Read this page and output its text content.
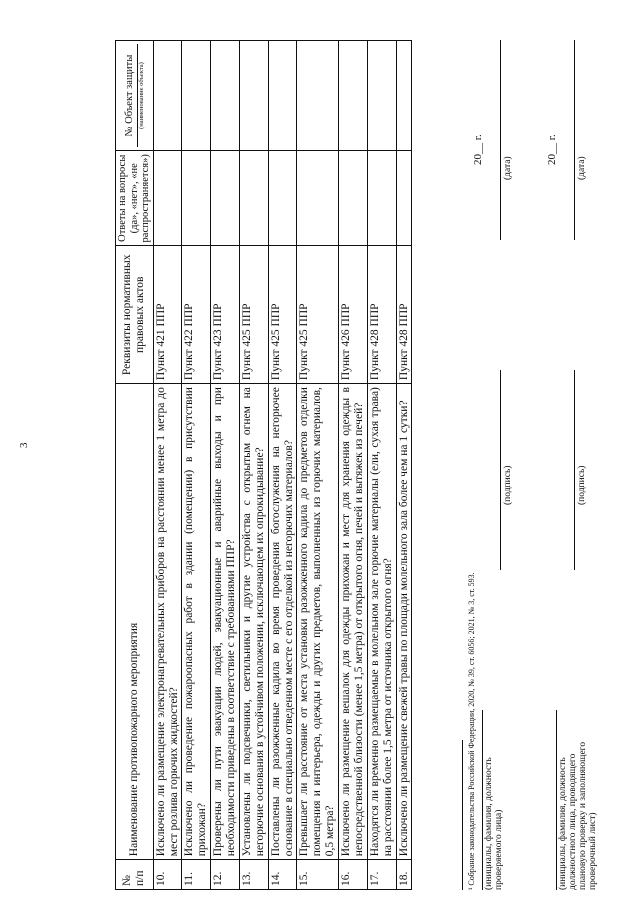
3
№ п/п	Наименование противопожарного мероприятия	Реквизиты нормативных правовых актов	Ответы на вопросы (да», «нет», «не распространяется»)	№ Объект защиты (наименование объекта)

10.	Исключено ли размещение электронагревательных приборов на расстоянии менее 1 метра до мест розлива горючих жидкостей?	Пункт 421 ППР		
11.	Исключено ли проведение пожароопасных работ в здании (помещении) в присутствии прихожан?	Пункт 422 ППР		
12.	Проверены ли пути эвакуации людей, эвакуационные и аварийные выходы и при необходимости приведены в соответствие с требованиями ППР?	Пункт 423 ППР		
13.	Установлены ли подсвечники, светильники и другие устройства с открытым огнем на негорючие основания в устойчивом положении, исключающем их опрокидывание?	Пункт 425 ППР		
14.	Поставлены ли разожженные кадила во время проведения богослужения на негорючее основание в специально отведенном месте с его отделкой из негорючих материалов?	Пункт 425 ППР		
15.	Превышает ли расстояние от места установки разожженного кадила до предметов отделки помещения и интерьера, одежды и других предметов, выполненных из горючих материалов, 0,5 метра?	Пункт 425 ППР		
16.	Исключено ли размещение вешалок для одежды прихожан и мест для хранения одежды в непосредственной близости (менее 1,5 метра) от открытого огня, печей и вытяжек из печей?	Пункт 426 ППР		
17.	Находятся ли временно размещаемые в молельном зале горючие материалы (ели, сухая трава) на расстоянии более 1,5 метра от источника открытого огня?	Пункт 428 ППР		
18.	Исключено ли размещение свежей травы по площади молельного зала более чем на 1 сутки?	Пункт 428 ППР		
¹ Собрание законодательства Российской Федерации, 2020, № 39, ст. 6056; 2021, № 3, ст. 593. (инициалы, фамилия, должность проверяемого лица)
(подпись)
20__ г.
(дата)
(инициалы, фамилия, должность должностного лица, проводящего плановую проверку и заполняющего проверочный лист)
(подпись)
20__ г.
(дата)
